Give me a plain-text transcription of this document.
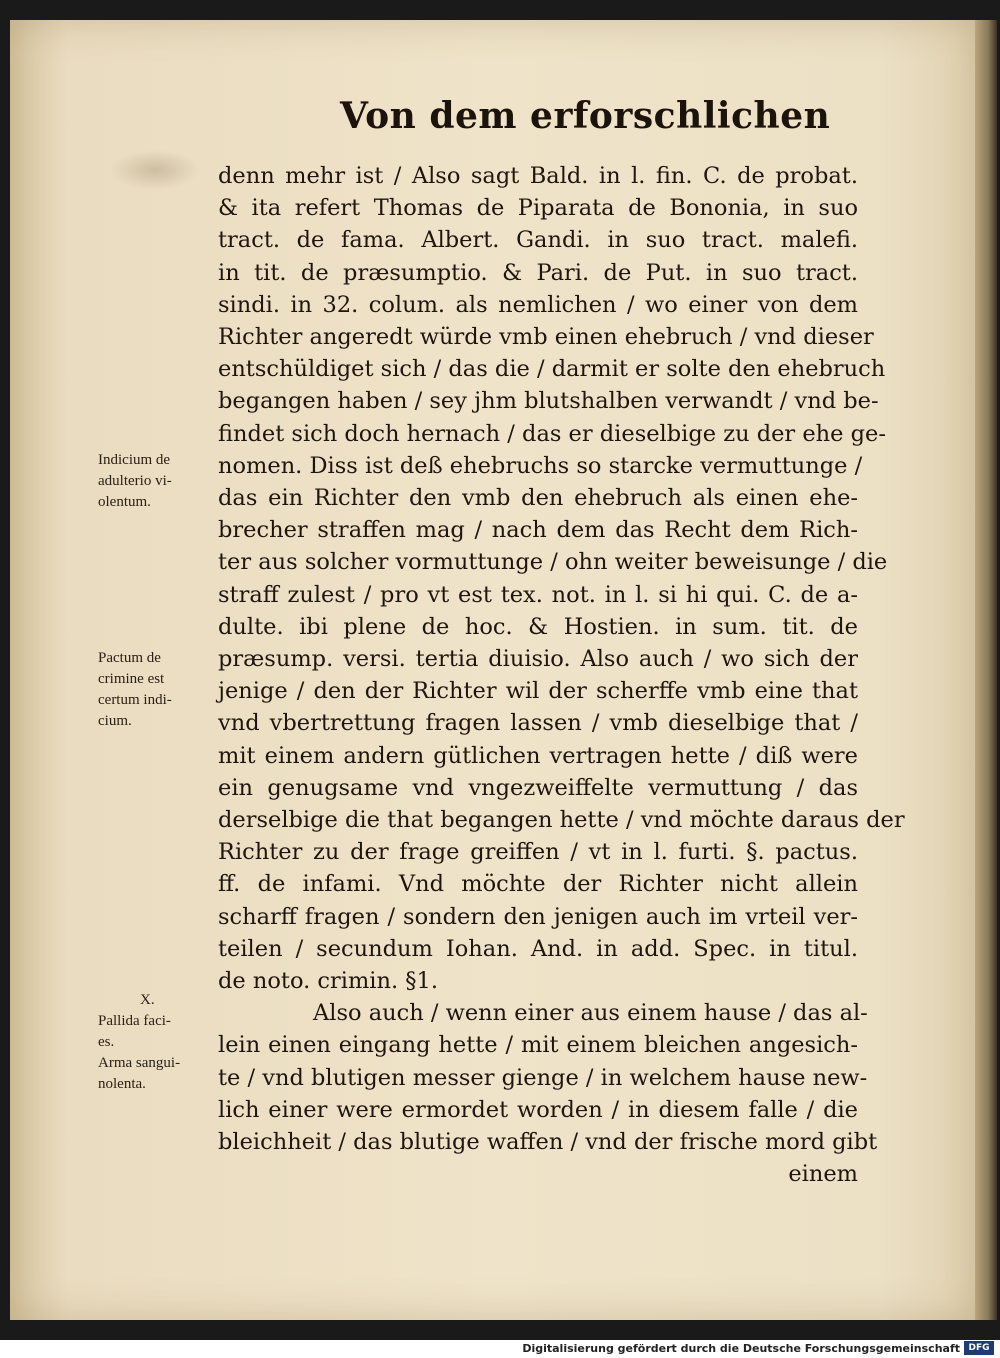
Von dem erforschlichen
denn mehr ist / Also sagt Bald. in l. fin. C. de probat.
& ita refert Thomas de Piparata de Bononia, in suo
tract. de fama. Albert. Gandi. in suo tract. malefi.
in tit. de præsumptio. & Pari. de Put. in suo tract.
sindi. in 32. colum. als nemlichen / wo einer von dem
Richter angeredt würde vmb einen ehebruch / vnd dieser
entschüldiget sich / das die / darmit er solte den ehebruch
begangen haben / sey jhm blutshalben verwandt / vnd be-
findet sich doch hernach / das er dieselbige zu der ehe ge-
nomen. Diss ist deß ehebruchs so starcke vermuttunge /
das ein Richter den vmb den ehebruch als einen ehe-
brecher straffen mag / nach dem das Recht dem Rich-
ter aus solcher vormuttunge / ohn weiter beweisunge / die
straff zulest / pro vt est tex. not. in l. si hi qui. C. de a-
dulte. ibi plene de hoc. & Hostien. in sum. tit. de
præsump. versi. tertia diuisio. Also auch / wo sich der
jenige / den der Richter wil der scherffe vmb eine that
vnd vbertrettung fragen lassen / vmb dieselbige that /
mit einem andern gütlichen vertragen hette / diß were
ein genugsame vnd vngezweiffelte vermuttung / das
derselbige die that begangen hette / vnd möchte daraus der
Richter zu der frage greiffen / vt in l. furti. §. pactus.
ff. de infami. Vnd möchte der Richter nicht allein
scharff fragen / sondern den jenigen auch im vrteil ver-
teilen / secundum Iohan. And. in add. Spec. in titul.
de noto. crimin. §1.
Also auch / wenn einer aus einem hause / das al-
lein einen eingang hette / mit einem bleichen angesich-
te / vnd blutigen messer gienge / in welchem hause new-
lich einer were ermordet worden / in diesem falle / die
bleichheit / das blutige waffen / vnd der frische mord gibt
einem
Indicium de
adulterio vi-
olentum.
Pactum de
crimine est
certum indi-
cium.
X.
Pallida faci-
es.
Arma sangui-
nolenta.
Digitalisierung gefördert durch die Deutsche Forschungsgemeinschaft DFG
